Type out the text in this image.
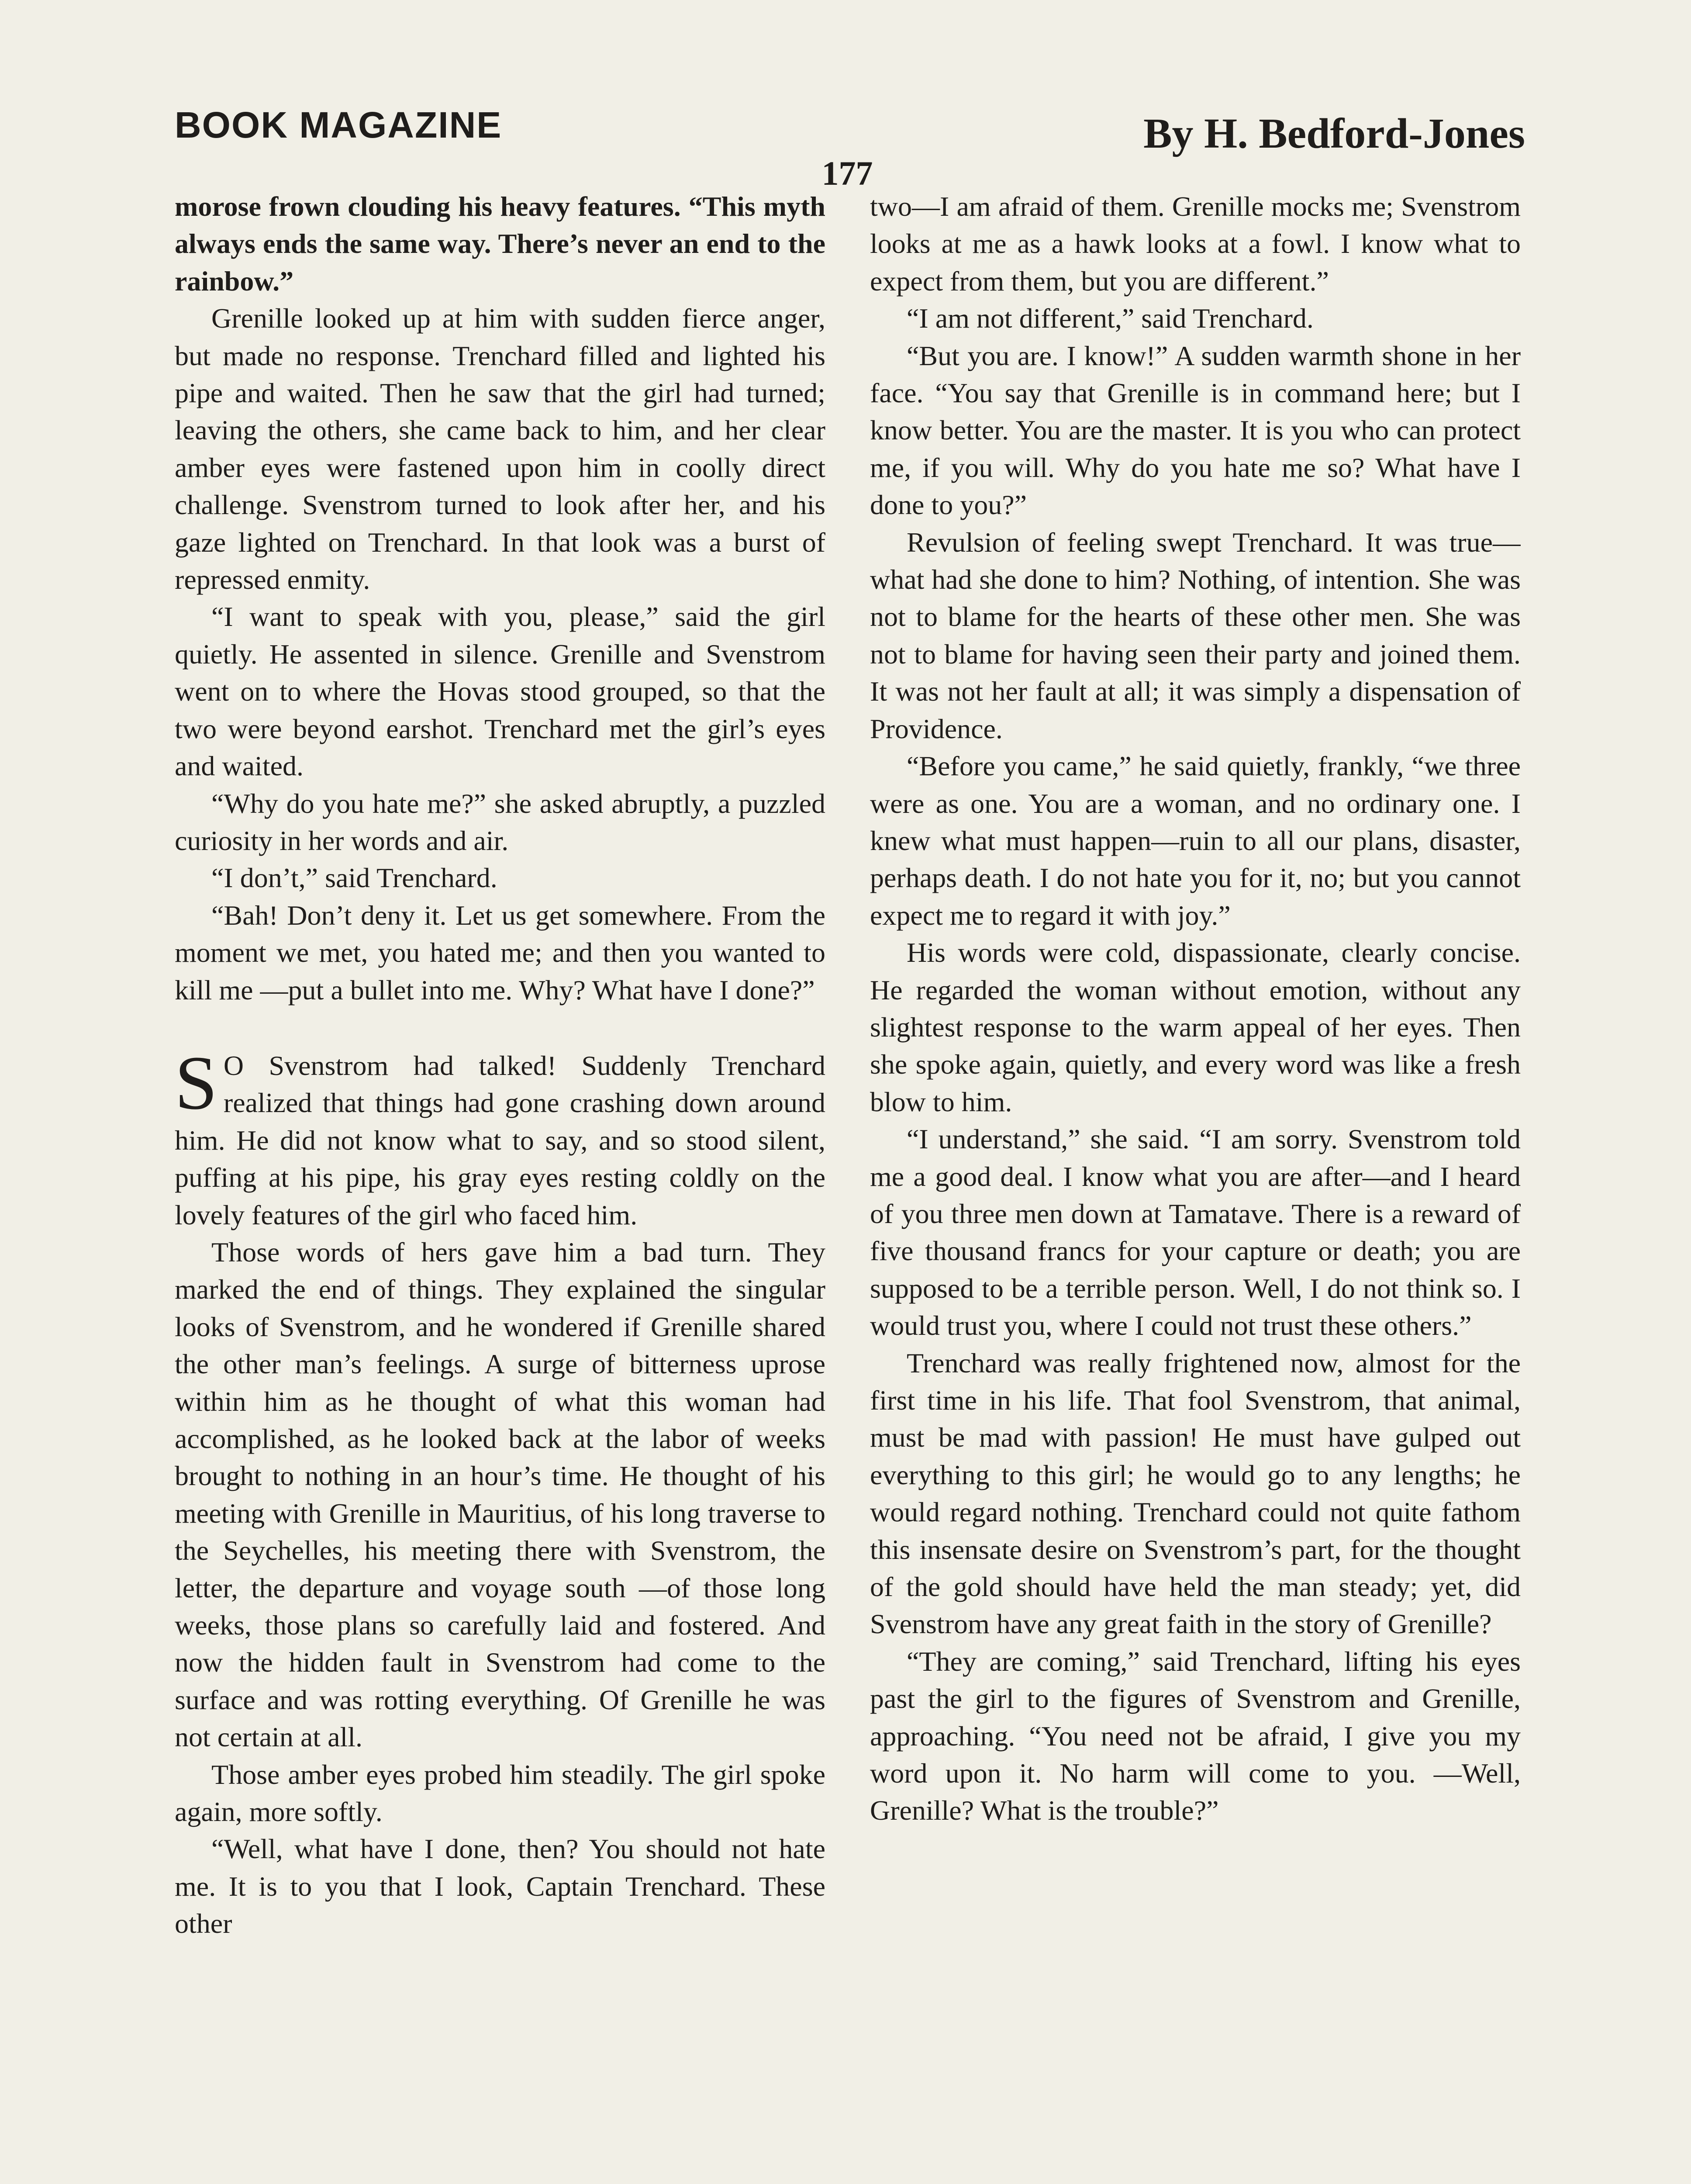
BOOK MAGAZINE	By H. Bedford-Jones
177

morose frown clouding his heavy features. “This myth always ends the same way. There’s never an end to the rainbow.”

Grenille looked up at him with sudden fierce anger, but made no response. Trenchard filled and lighted his pipe and waited. Then he saw that the girl had turned; leaving the others, she came back to him, and her clear amber eyes were fastened upon him in coolly direct challenge. Svenstrom turned to look after her, and his gaze lighted on Trenchard. In that look was a burst of repressed enmity.

“I want to speak with you, please,” said the girl quietly. He assented in silence. Grenille and Svenstrom went on to where the Hovas stood grouped, so that the two were beyond earshot. Trenchard met the girl’s eyes and waited.

“Why do you hate me?” she asked abruptly, a puzzled curiosity in her words and air.

“I don’t,” said Trenchard.

“Bah! Don’t deny it. Let us get somewhere. From the moment we met, you hated me; and then you wanted to kill me —put a bullet into me. Why? What have I done?”

S O Svenstrom had talked! Suddenly Trenchard realized that things had gone crashing down around him. He did not know what to say, and so stood silent, puffing at his pipe, his gray eyes resting coldly on the lovely features of the girl who faced him.

Those words of hers gave him a bad turn. They marked the end of things. They explained the singular looks of Svenstrom, and he wondered if Grenille shared the other man’s feelings. A surge of bitterness uprose within him as he thought of what this woman had accomplished, as he looked back at the labor of weeks brought to nothing in an hour’s time. He thought of his meeting with Grenille in Mauritius, of his long traverse to the Seychelles, his meeting there with Svenstrom, the letter, the departure and voyage south —of those long weeks, those plans so carefully laid and fostered. And now the hidden fault in Svenstrom had come to the surface and was rotting everything. Of Grenille he was not certain at all.

Those amber eyes probed him steadily. The girl spoke again, more softly.

“Well, what have I done, then? You should not hate me. It is to you that I look, Captain Trenchard. These other

two—I am afraid of them. Grenille mocks me; Svenstrom looks at me as a hawk looks at a fowl. I know what to expect from them, but you are different.”

“I am not different,” said Trenchard.

“But you are. I know!” A sudden warmth shone in her face. “You say that Grenille is in command here; but I know better. You are the master. It is you who can protect me, if you will. Why do you hate me so? What have I done to you?”

Revulsion of feeling swept Trenchard. It was true—what had she done to him? Nothing, of intention. She was not to blame for the hearts of these other men. She was not to blame for having seen their party and joined them. It was not her fault at all; it was simply a dispensation of Providence.

“Before you came,” he said quietly, frankly, “we three were as one. You are a woman, and no ordinary one. I knew what must happen—ruin to all our plans, disaster, perhaps death. I do not hate you for it, no; but you cannot expect me to regard it with joy.”

His words were cold, dispassionate, clearly concise. He regarded the woman without emotion, without any slightest response to the warm appeal of her eyes. Then she spoke again, quietly, and every word was like a fresh blow to him.

“I understand,” she said. “I am sorry. Svenstrom told me a good deal. I know what you are after—and I heard of you three men down at Tamatave. There is a reward of five thousand francs for your capture or death; you are supposed to be a terrible person. Well, I do not think so. I would trust you, where I could not trust these others.”

Trenchard was really frightened now, almost for the first time in his life. That fool Svenstrom, that animal, must be mad with passion! He must have gulped out everything to this girl; he would go to any lengths; he would regard nothing. Trenchard could not quite fathom this insensate desire on Svenstrom’s part, for the thought of the gold should have held the man steady; yet, did Svenstrom have any great faith in the story of Grenille?

“They are coming,” said Trenchard, lifting his eyes past the girl to the figures of Svenstrom and Grenille, approaching. “You need not be afraid, I give you my word upon it. No harm will come to you. —Well, Grenille? What is the trouble?”
